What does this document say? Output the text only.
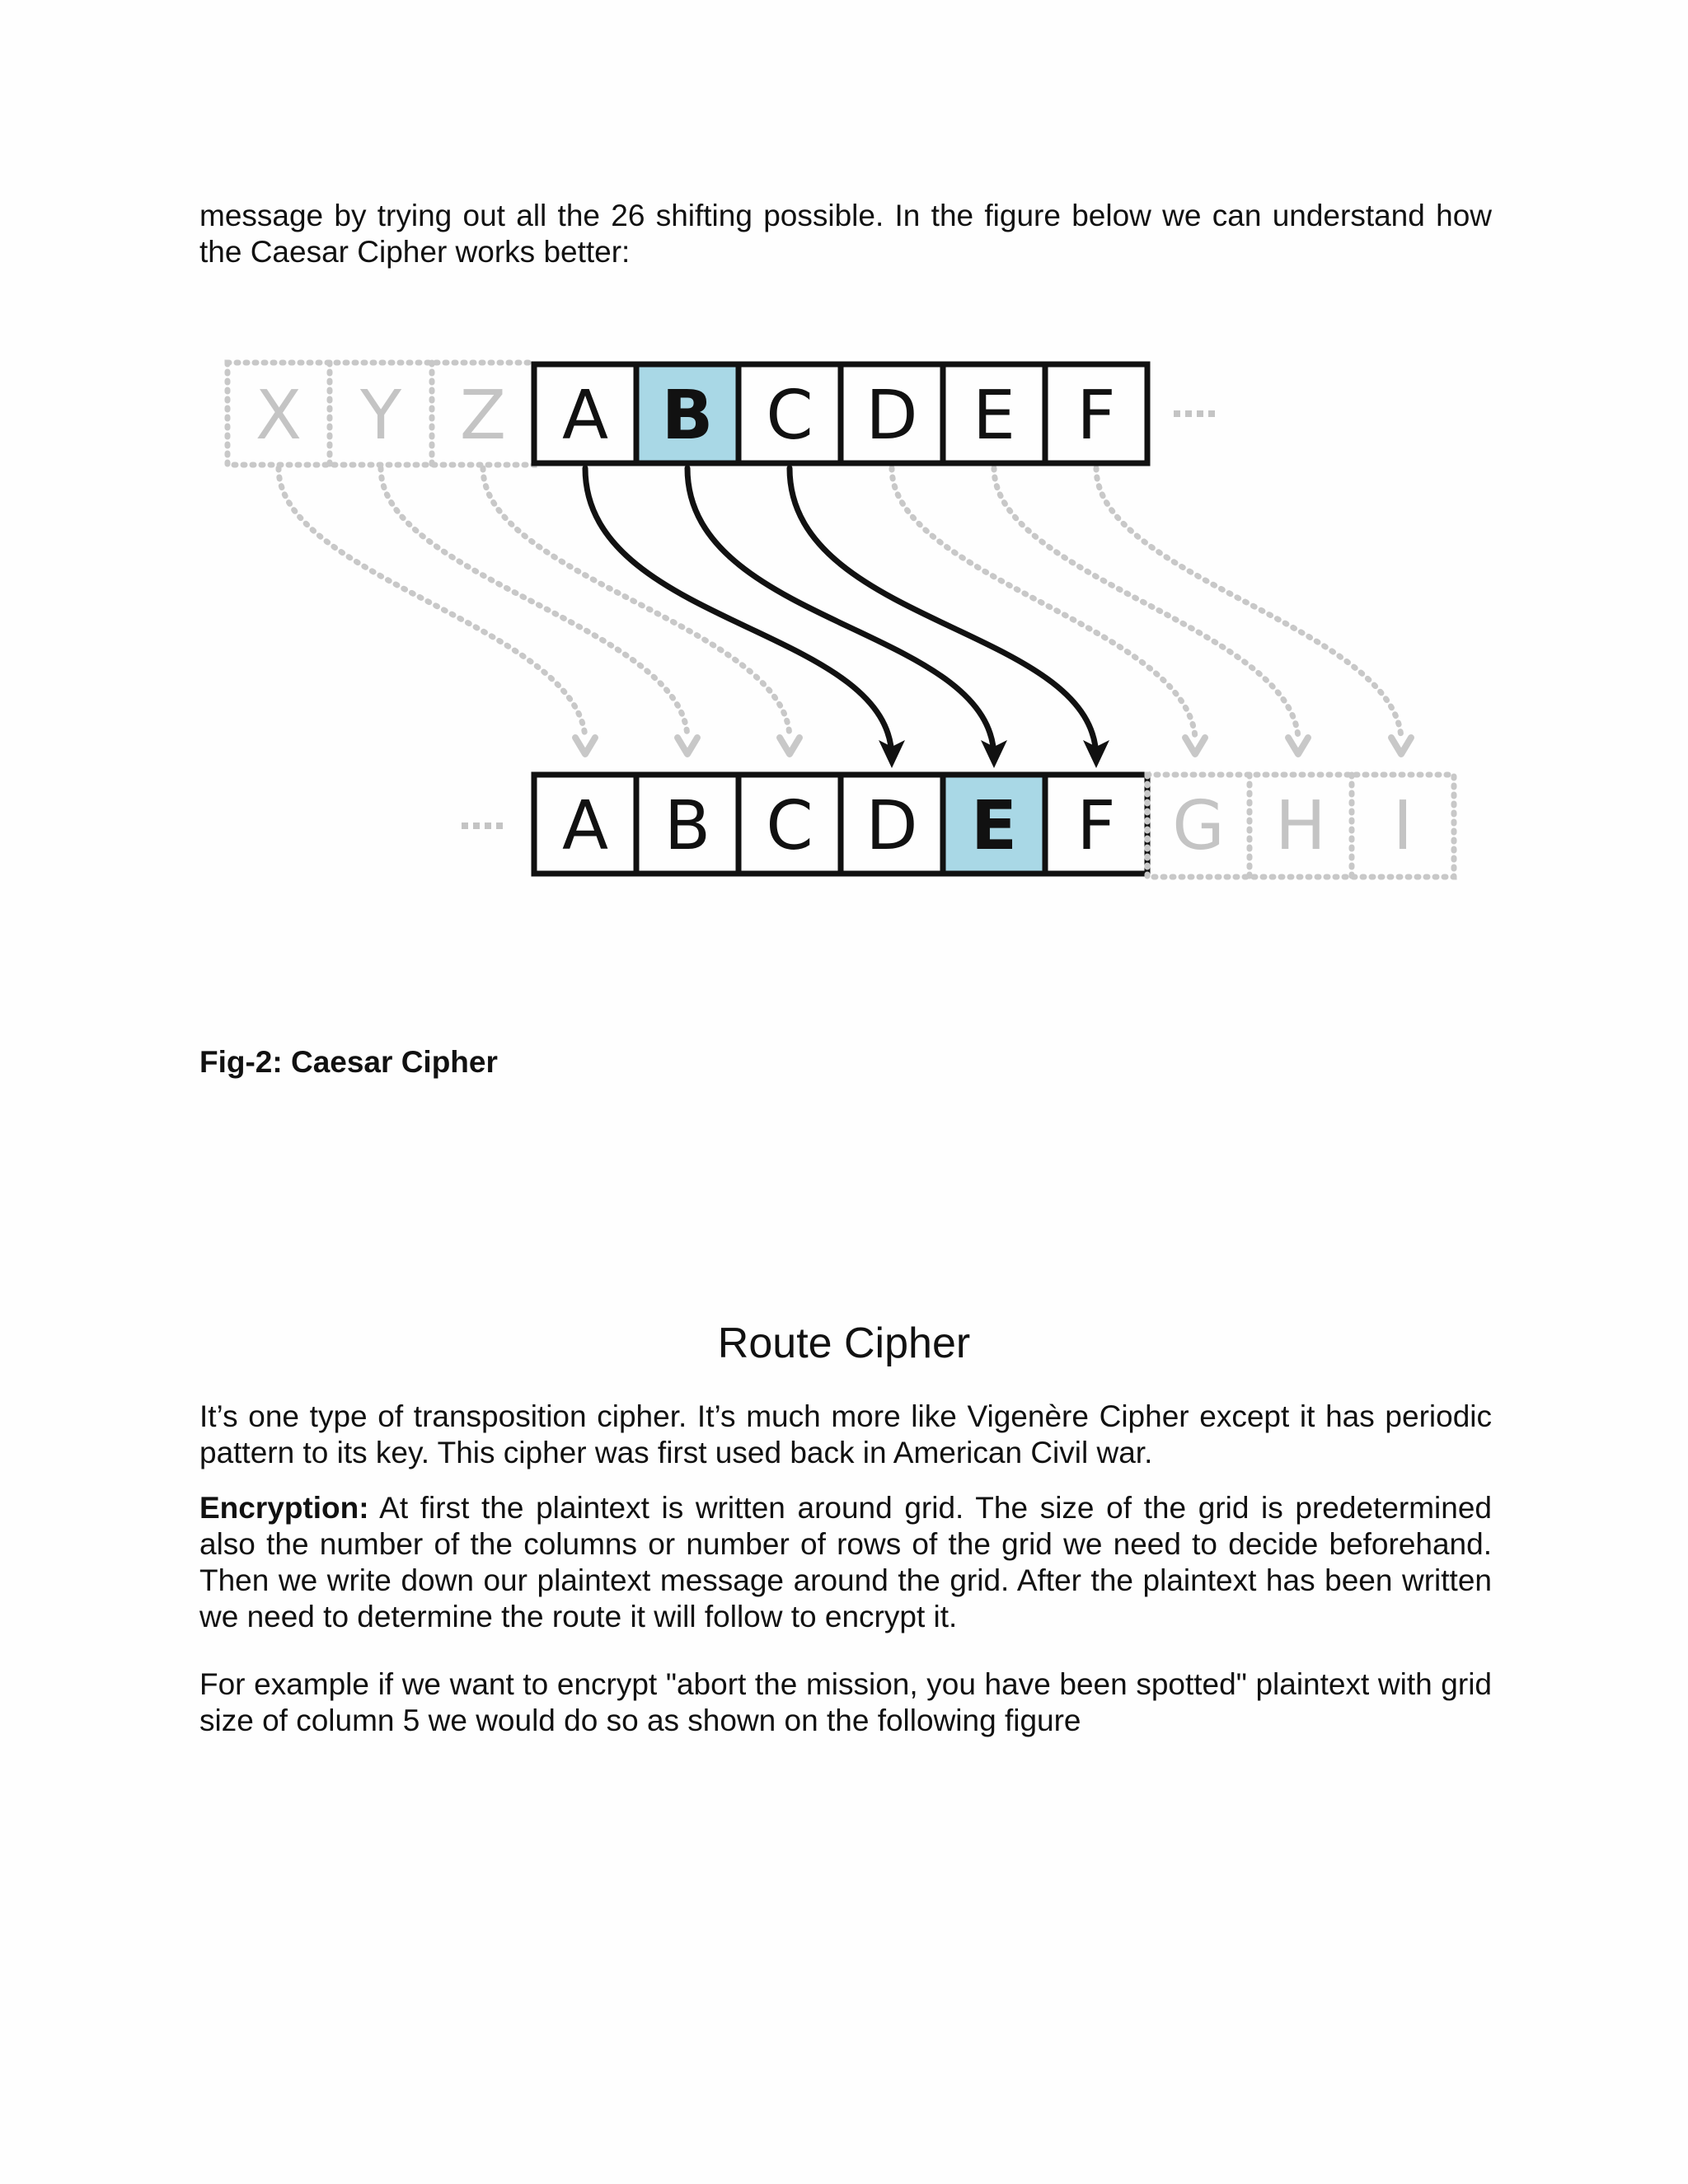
message by trying out all the 26 shifting possible. In the figure below we can understand how the Caesar Cipher works better:

X Y Z A B C D E F
A B C D E F G H I

Fig-2: Caesar Cipher

Route Cipher

It’s one type of transposition cipher. It’s much more like Vigenère Cipher except it has periodic pattern to its key. This cipher was first used back in American Civil war.

Encryption: At first the plaintext is written around grid. The size of the grid is predetermined also the number of the columns or number of rows of the grid we need to decide beforehand. Then we write down our plaintext message around the grid. After the plaintext has been written we need to determine the route it will follow to encrypt it.

For example if we want to encrypt "abort the mission, you have been spotted" plaintext with grid size of column 5 we would do so as shown on the following figure
